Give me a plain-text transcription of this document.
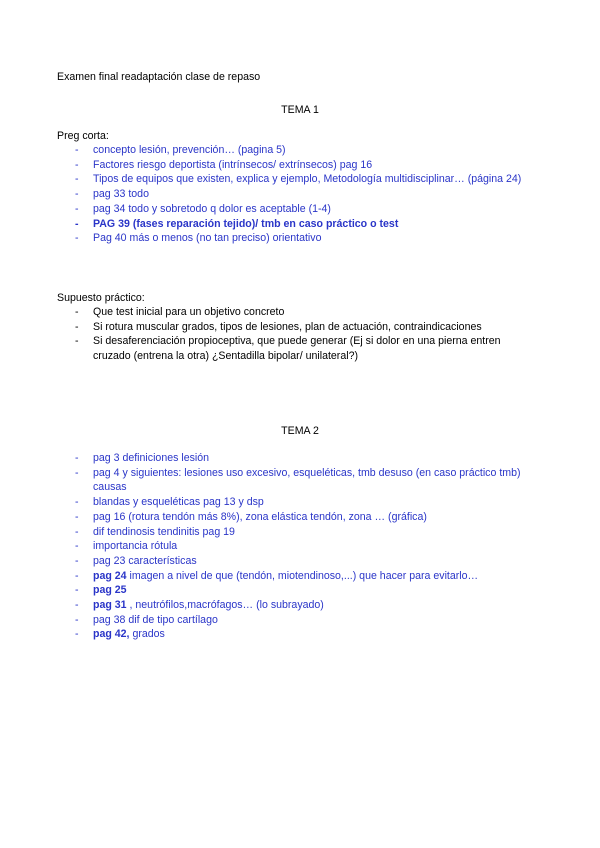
Examen final readaptación clase de repaso
TEMA 1
Preg corta:
- concepto lesión, prevención… (pagina 5)
- Factores riesgo deportista (intrínsecos/ extrínsecos) pag 16
- Tipos de equipos que existen, explica y ejemplo, Metodología multidisciplinar… (página 24)
- pag 33 todo
- pag 34 todo y sobretodo q dolor es aceptable (1-4)
- PAG 39 (fases reparación tejido)/ tmb en caso práctico o test
- Pag 40 más o menos (no tan preciso) orientativo
Supuesto práctico:
- Que test inicial para un objetivo concreto
- Si rotura muscular grados, tipos de lesiones, plan de actuación, contraindicaciones
- Si desaferenciación propioceptiva, que puede generar (Ej si dolor en una pierna entren
cruzado (entrena la otra) ¿Sentadilla bipolar/ unilateral?)
TEMA 2
- pag 3 definiciones lesión
- pag 4 y siguientes: lesiones uso excesivo, esqueléticas, tmb desuso (en caso práctico tmb)
causas
- blandas y esqueléticas pag 13 y dsp
- pag 16 (rotura tendón más 8%), zona elástica tendón, zona … (gráfica)
- dif tendinosis tendinitis pag 19
- importancia rótula
- pag 23 características
- pag 24 imagen a nivel de que (tendón, miotendinoso,...) que hacer para evitarlo…
- pag 25
- pag 31 , neutrófilos,macrófagos… (lo subrayado)
- pag 38 dif de tipo cartílago
- pag 42, grados
